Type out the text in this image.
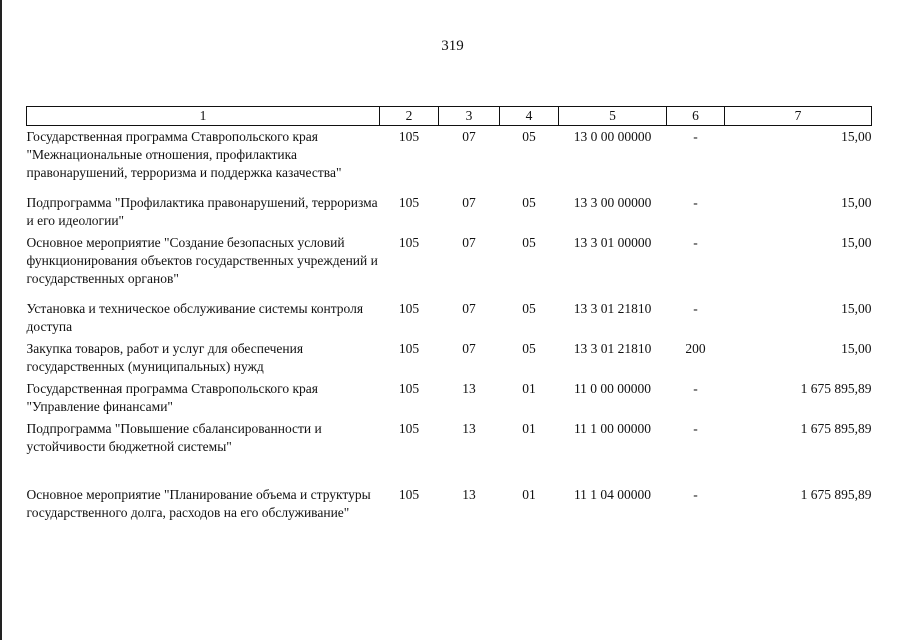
319
1	2	3	4	5	6	7
Государственная программа Ставропольского края "Межнациональные отношения, профилактика правонарушений, терроризма и поддержка казачества"	105	07	05	13 0 00 00000	-	15,00
Подпрограмма "Профилактика правонарушений, терроризма и его идеологии"	105	07	05	13 3 00 00000	-	15,00
Основное мероприятие "Создание безопасных условий функционирования объектов государственных учреждений и государственных органов"	105	07	05	13 3 01 00000	-	15,00
Установка и техническое обслуживание системы контроля доступа	105	07	05	13 3 01 21810	-	15,00
Закупка товаров, работ и услуг для обеспечения государственных (муниципальных) нужд	105	07	05	13 3 01 21810	200	15,00
Государственная программа Ставропольского края "Управление финансами"	105	13	01	11 0 00 00000	-	1 675 895,89
Подпрограмма "Повышение сбалансированности и устойчивости бюджетной системы"	105	13	01	11 1 00 00000	-	1 675 895,89
Основное мероприятие "Планирование объема и структуры государственного долга, расходов на его обслуживание"	105	13	01	11 1 04 00000	-	1 675 895,89
